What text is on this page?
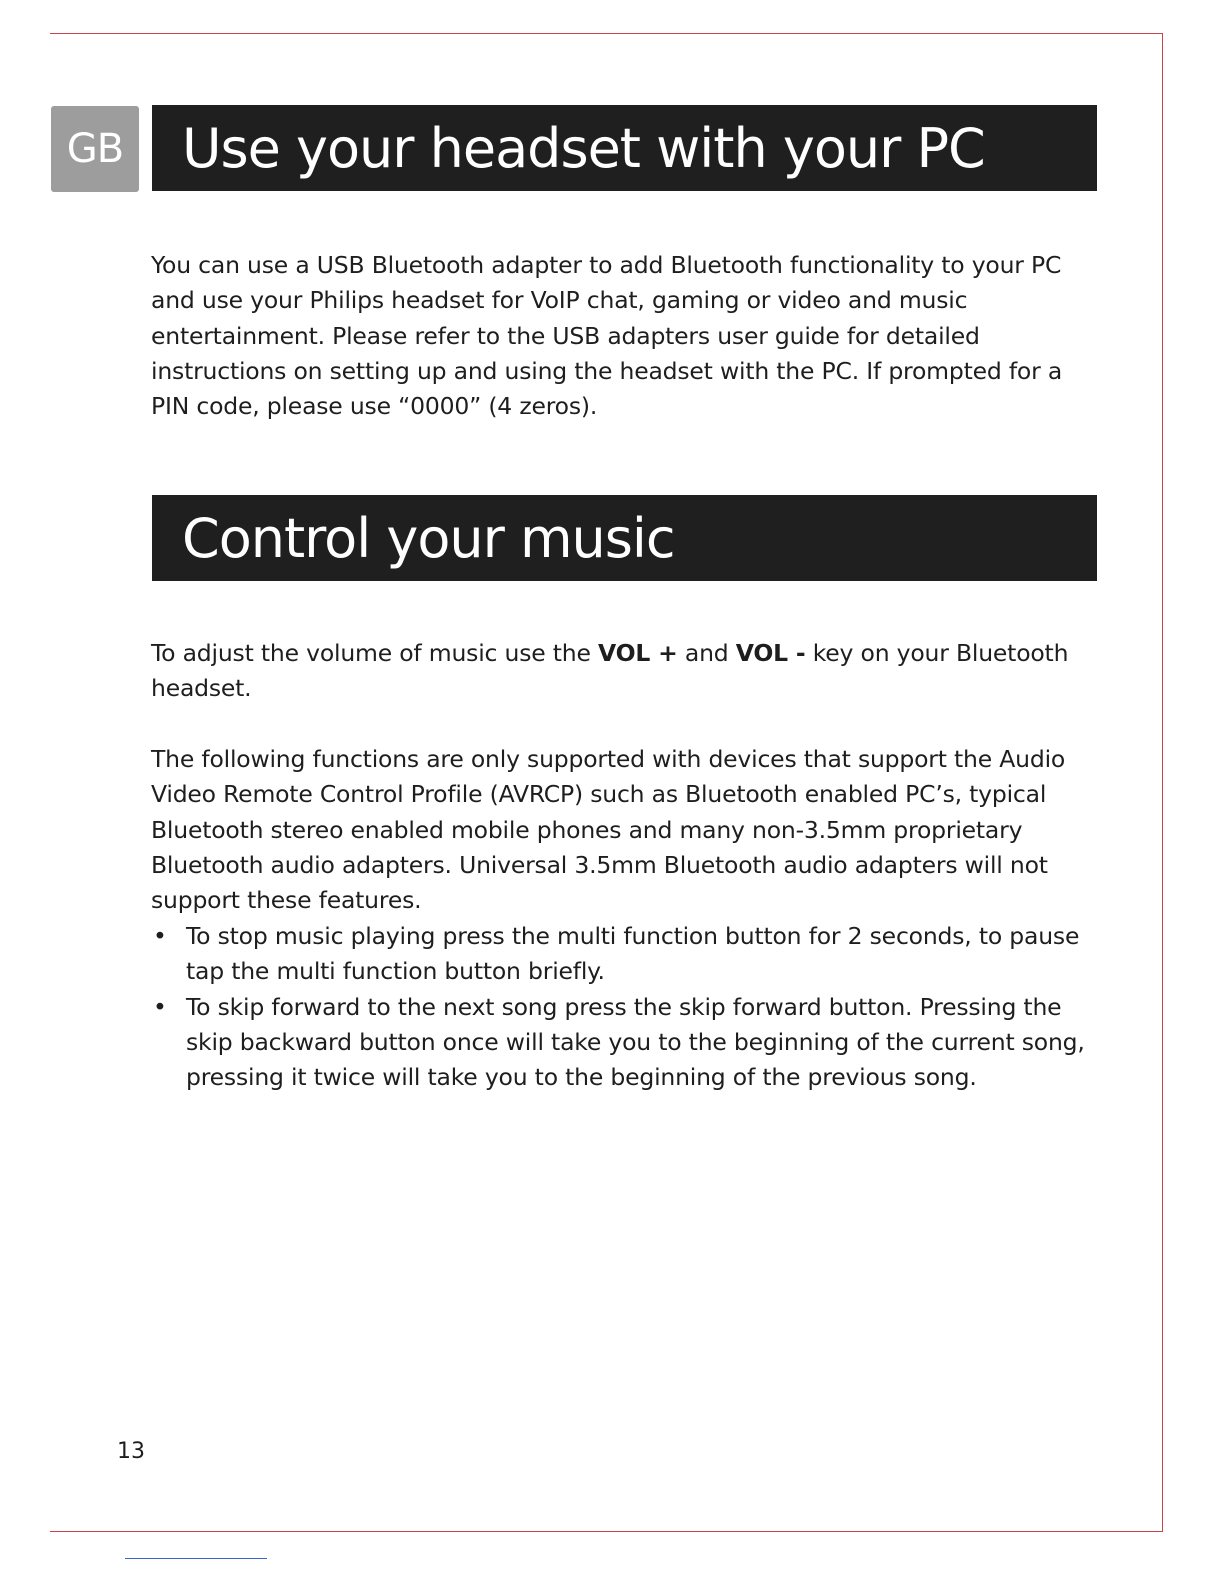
GB	Use your headset with your PC

You can use a USB Bluetooth adapter to add Bluetooth functionality to your PC and use your Philips headset for VoIP chat, gaming or video and music entertainment. Please refer to the USB adapters user guide for detailed instructions on setting up and using the headset with the PC. If prompted for a PIN code, please use “0000” (4 zeros).

Control your music

To adjust the volume of music use the VOL + and VOL - key on your Bluetooth headset.

The following functions are only supported with devices that support the Audio Video Remote Control Profile (AVRCP) such as Bluetooth enabled PC’s, typical Bluetooth stereo enabled mobile phones and many non-3.5mm proprietary Bluetooth audio adapters. Universal 3.5mm Bluetooth audio adapters will not support these features.

• To stop music playing press the multi function button for 2 seconds, to pause tap the multi function button briefly.
• To skip forward to the next song press the skip forward button. Pressing the skip backward button once will take you to the beginning of the current song, pressing it twice will take you to the beginning of the previous song.
13
